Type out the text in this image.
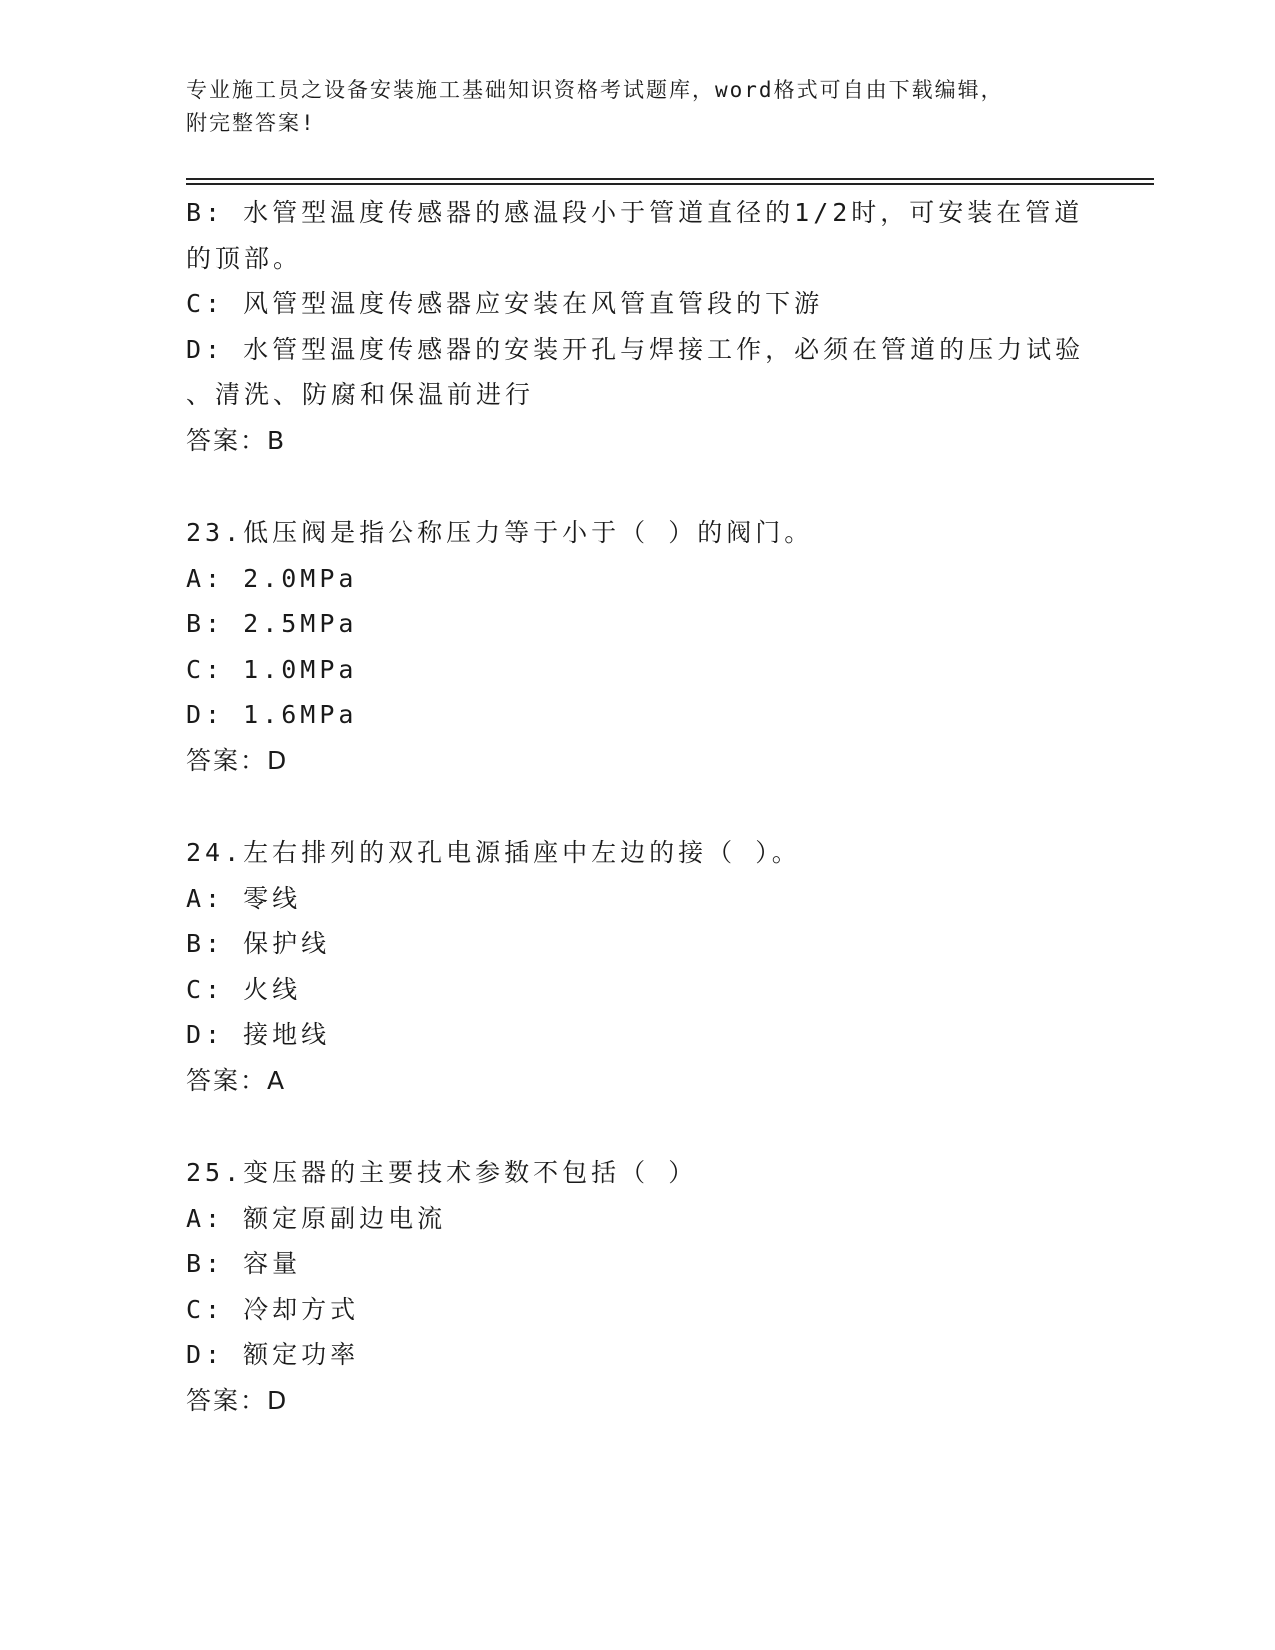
专业施工员之设备安装施工基础知识资格考试题库，word格式可自由下载编辑，
附完整答案!
B: 水管型温度传感器的感温段小于管道直径的1/2时，可安装在管道
的顶部。
C: 风管型温度传感器应安装在风管直管段的下游
D: 水管型温度传感器的安装开孔与焊接工作，必须在管道的压力试验
、清洗、防腐和保温前进行
答案：B
23.低压阀是指公称压力等于小于（ ）的阀门。
A: 2.0MPa
B: 2.5MPa
C: 1.0MPa
D: 1.6MPa
答案：D
24.左右排列的双孔电源插座中左边的接（ ）。
A: 零线
B: 保护线
C: 火线
D: 接地线
答案：A
25.变压器的主要技术参数不包括（ ）
A: 额定原副边电流
B: 容量
C: 冷却方式
D: 额定功率
答案：D
